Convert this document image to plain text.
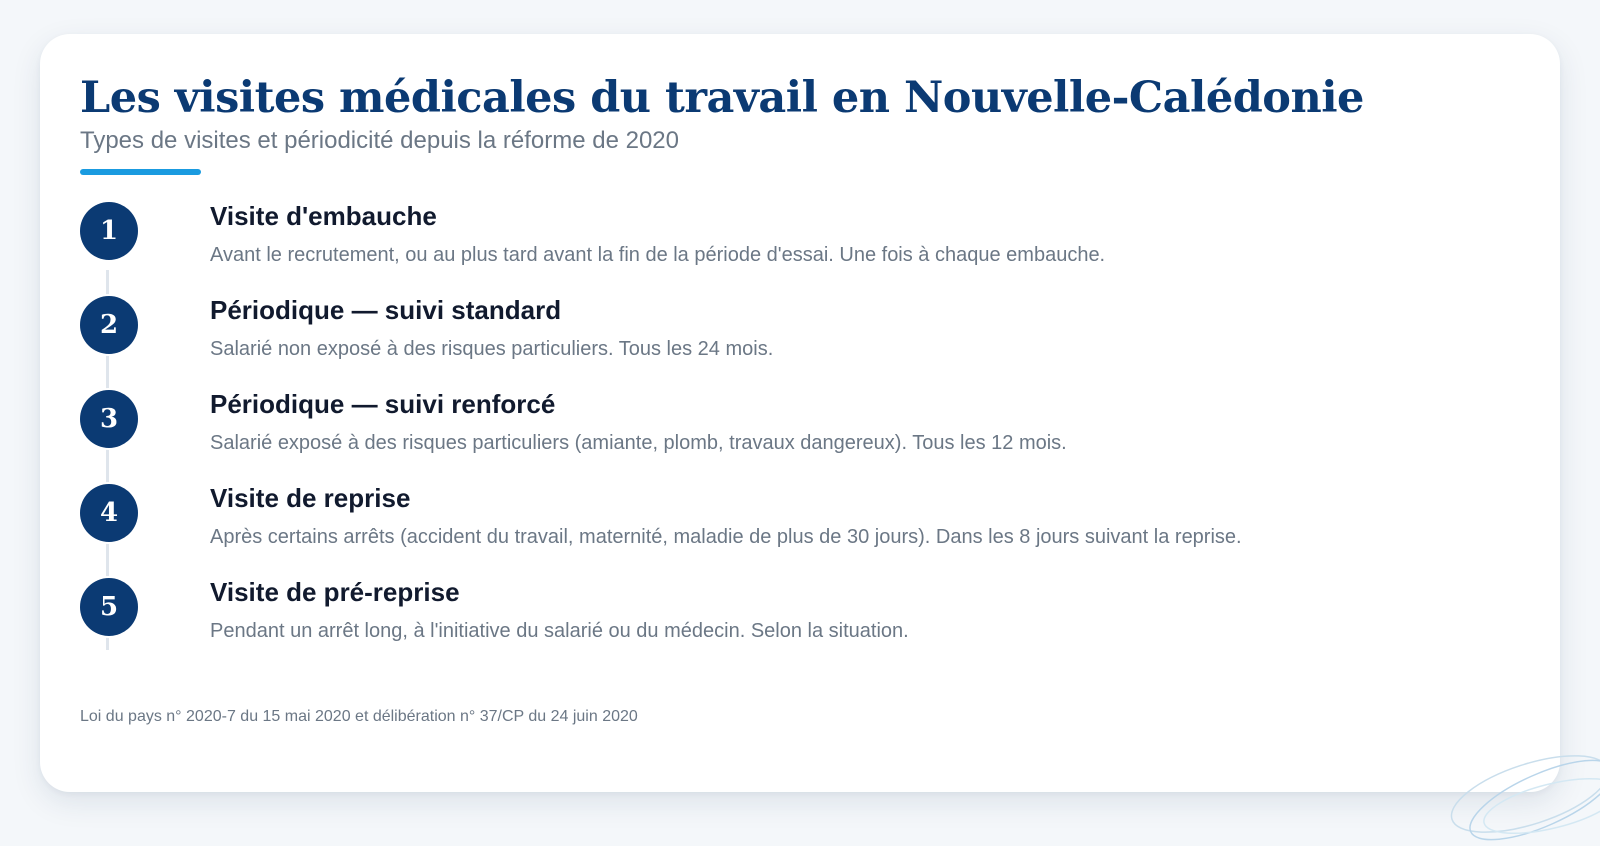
Les visites médicales du travail en Nouvelle-Calédonie
Types de visites et périodicité depuis la réforme de 2020
1	Visite d'embauche
Avant le recrutement, ou au plus tard avant la fin de la période d'essai. Une fois à chaque embauche.
2	Périodique — suivi standard
Salarié non exposé à des risques particuliers. Tous les 24 mois.
3	Périodique — suivi renforcé
Salarié exposé à des risques particuliers (amiante, plomb, travaux dangereux). Tous les 12 mois.
4	Visite de reprise
Après certains arrêts (accident du travail, maternité, maladie de plus de 30 jours). Dans les 8 jours suivant la reprise.
5	Visite de pré-reprise
Pendant un arrêt long, à l'initiative du salarié ou du médecin. Selon la situation.
Loi du pays n° 2020-7 du 15 mai 2020 et délibération n° 37/CP du 24 juin 2020
